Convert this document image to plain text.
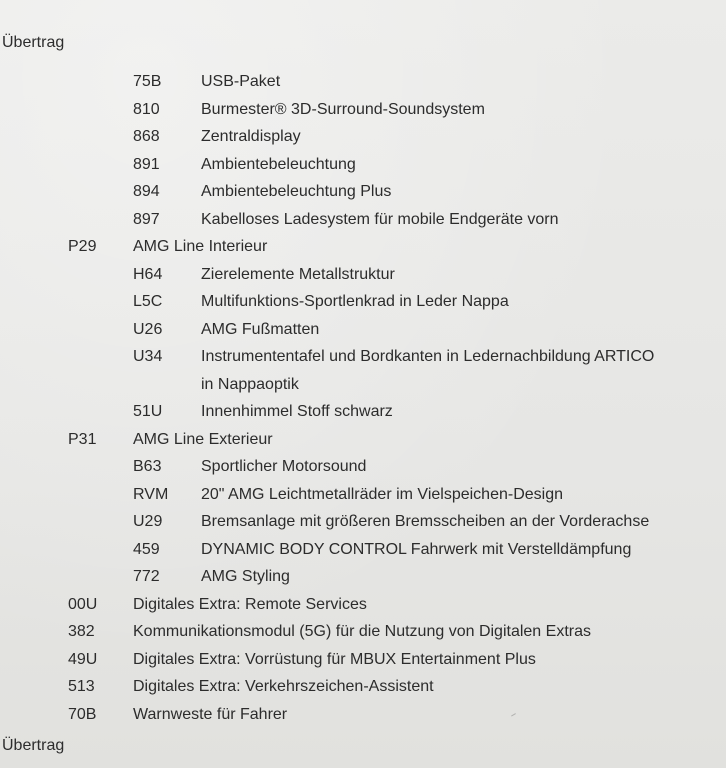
Übertrag
75B USB-Paket
810	Burmester® 3D-Surround-Soundsystem
868	Zentraldisplay
891	Ambientebeleuchtung
894	Ambientebeleuchtung Plus
897	Kabelloses Ladesystem für mobile Endgeräte vorn
P29 AMG Line Interieur
H64 Zierelemente Metallstruktur
L5C Multifunktions-Sportlenkrad in Leder Nappa
U26 AMG Fußmatten
U34 Instrumententafel und Bordkanten in Ledernachbildung ARTICO
in Nappaoptik
51U Innenhimmel Stoff schwarz
P31 AMG Line Exterieur
B63 Sportlicher Motorsound
RVM 20" AMG Leichtmetallräder im Vielspeichen-Design
U29 Bremsanlage mit größeren Bremsscheiben an der Vorderachse
459	DYNAMIC BODY CONTROL Fahrwerk mit Verstelldämpfung
772	AMG Styling
00U Digitales Extra: Remote Services
382 Kommunikationsmodul (5G) für die Nutzung von Digitalen Extras
49U Digitales Extra: Vorrüstung für MBUX Entertainment Plus
513 Digitales Extra: Verkehrszeichen-Assistent
70B Warnweste für Fahrer
Übertrag
